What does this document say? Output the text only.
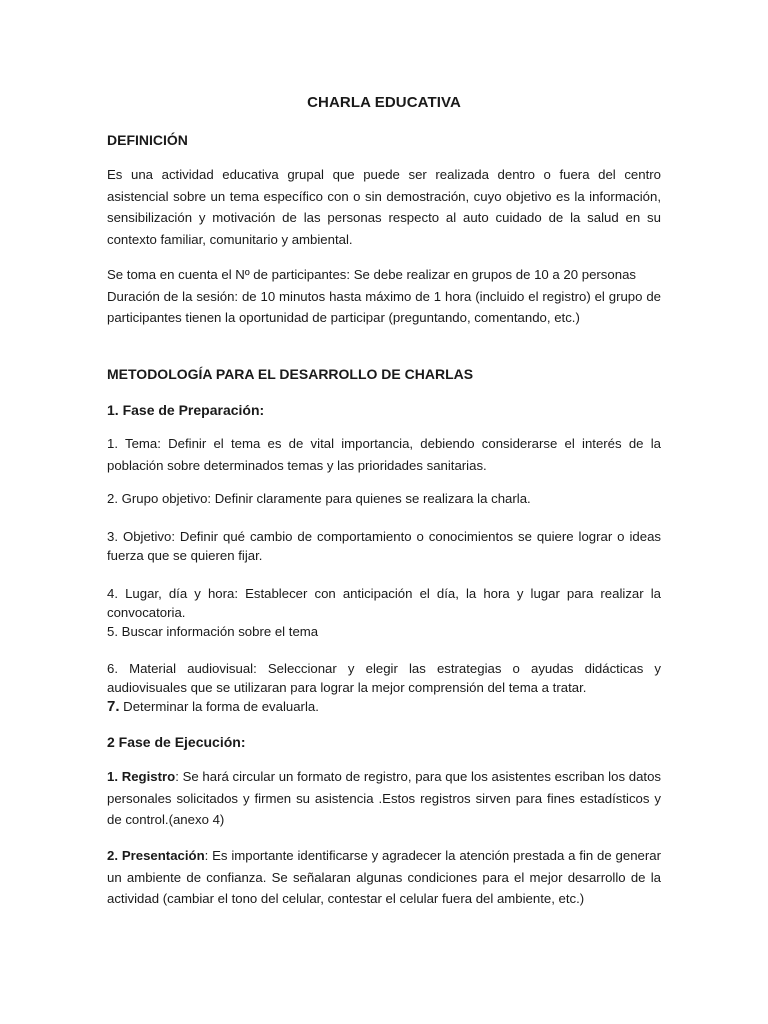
CHARLA EDUCATIVA
DEFINICIÓN
Es una actividad educativa grupal que puede ser realizada dentro o fuera del centro asistencial sobre un tema específico con o sin demostración, cuyo objetivo es la información, sensibilización y motivación de las personas respecto al auto cuidado de la salud en su contexto familiar, comunitario y ambiental.
Se toma en cuenta el Nº de participantes: Se debe realizar en grupos de 10 a 20 personas
Duración de la sesión: de 10 minutos hasta máximo de 1 hora (incluido el registro) el grupo de participantes tienen la oportunidad de participar (preguntando, comentando, etc.)
METODOLOGÍA PARA EL DESARROLLO DE CHARLAS
1. Fase de Preparación:
1. Tema: Definir el tema es de vital importancia, debiendo considerarse el interés de la población sobre determinados temas y las prioridades sanitarias.
2. Grupo objetivo: Definir claramente para quienes se realizara la charla.
3. Objetivo: Definir qué cambio de comportamiento o conocimientos se quiere lograr o ideas fuerza que se quieren fijar.
4. Lugar, día y hora: Establecer con anticipación el día, la hora y lugar para realizar la convocatoria.
5. Buscar información sobre el tema
6. Material audiovisual: Seleccionar y elegir las estrategias o ayudas didácticas y audiovisuales que se utilizaran para lograr la mejor comprensión del tema a tratar.
7. Determinar la forma de evaluarla.
2 Fase de Ejecución:
1. Registro: Se hará circular un formato de registro, para que los asistentes escriban los datos personales solicitados y firmen su asistencia .Estos registros sirven para fines estadísticos y de control.(anexo 4)
2. Presentación: Es importante identificarse y agradecer la atención prestada a fin de generar un ambiente de confianza. Se señalaran algunas condiciones para el mejor desarrollo de la actividad (cambiar el tono del celular, contestar el celular fuera del ambiente, etc.)
